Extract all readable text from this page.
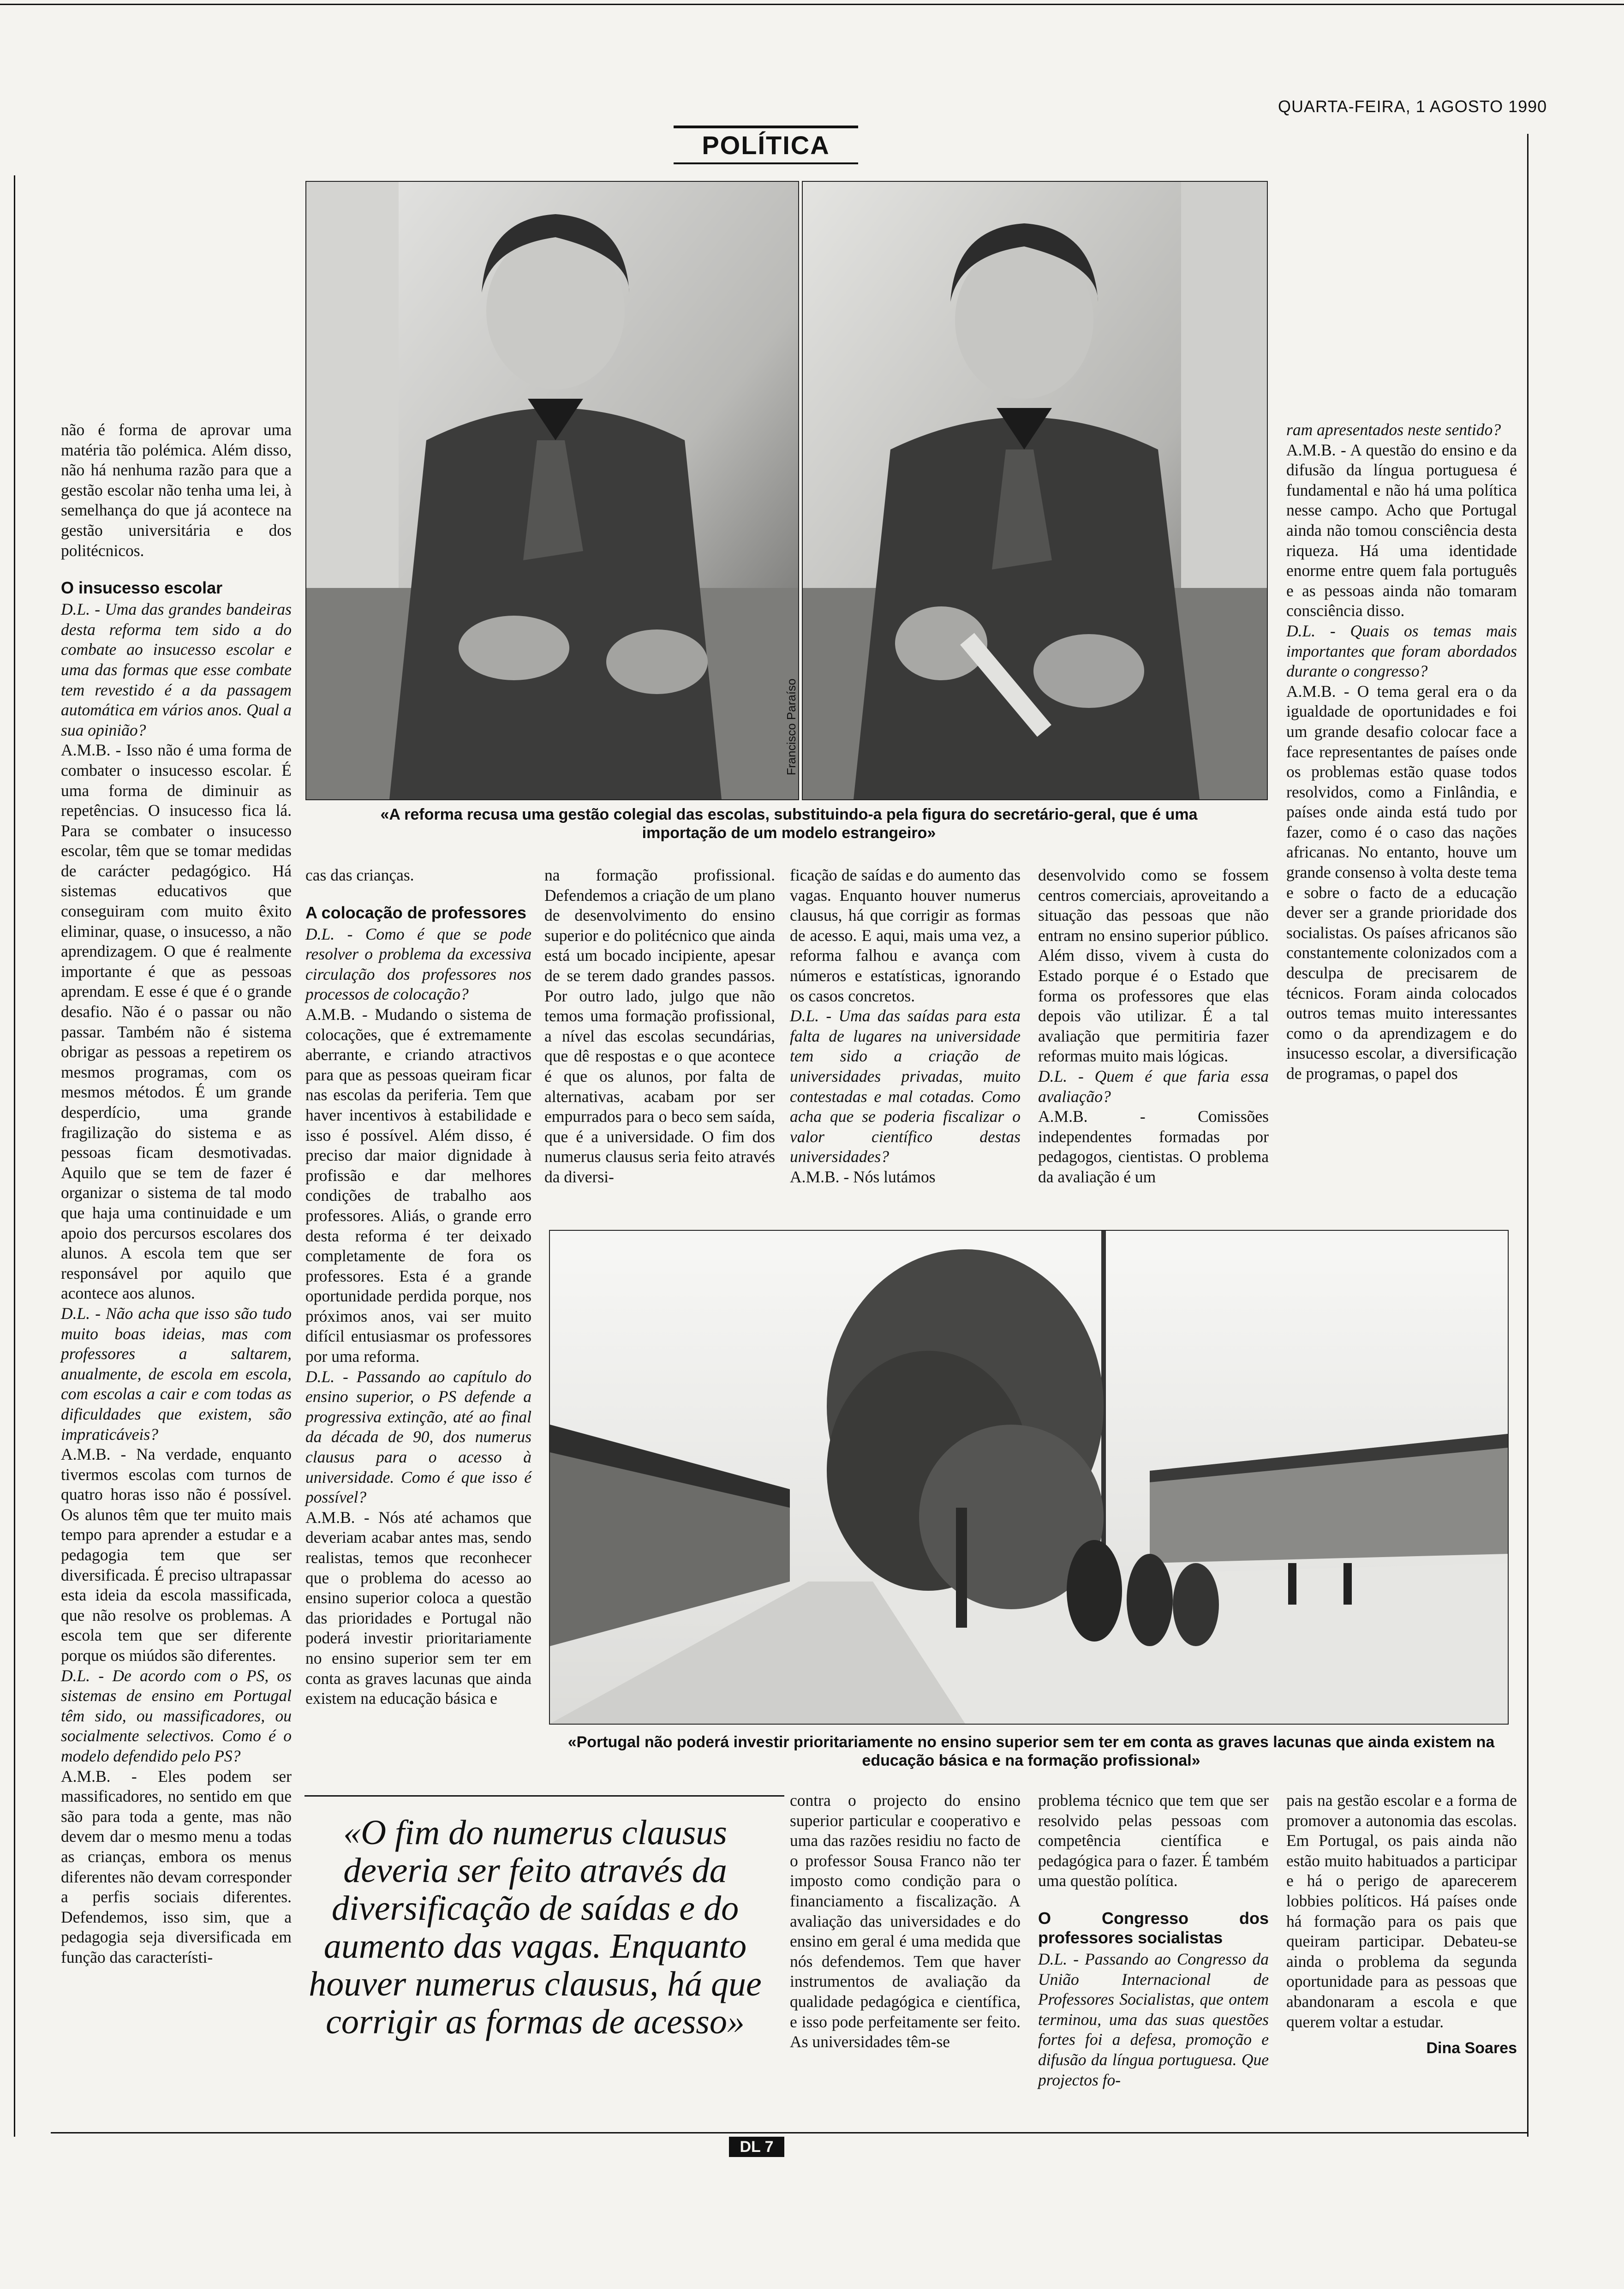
QUARTA-FEIRA, 1 AGOSTO 1990
POLÍTICA
Francisco Paraíso
«A reforma recusa uma gestão colegial das escolas, substituindo-a pela figura do secretário-geral, que é uma importação de um modelo estrangeiro»

não é forma de aprovar uma matéria tão polémica. Além disso, não há nenhuma razão para que a gestão escolar não tenha uma lei, à semelhança do que já acontece na gestão universitária e dos politécnicos.

O insucesso escolar

D.L. - Uma das grandes bandeiras desta reforma tem sido a do combate ao insucesso escolar e uma das formas que esse combate tem revestido é a da passagem automática em vários anos. Qual a sua opinião?

A.M.B. - Isso não é uma forma de combater o insucesso escolar. É uma forma de diminuir as repetências. O insucesso fica lá. Para se combater o insucesso escolar, têm que se tomar medidas de carácter pedagógico. Há sistemas educativos que conseguiram com muito êxito eliminar, quase, o insucesso, a não aprendizagem. O que é realmente importante é que as pessoas aprendam. E esse é que é o grande desafio. Não é o passar ou não passar. Também não é sistema obrigar as pessoas a repetirem os mesmos programas, com os mesmos métodos. É um grande desperdício, uma grande fragilização do sistema e as pessoas ficam desmotivadas. Aquilo que se tem de fazer é organizar o sistema de tal modo que haja uma continuidade e um apoio dos percursos escolares dos alunos. A escola tem que ser responsável por aquilo que acontece aos alunos.

D.L. - Não acha que isso são tudo muito boas ideias, mas com professores a saltarem, anualmente, de escola em escola, com escolas a cair e com todas as dificuldades que existem, são impraticáveis?

A.M.B. - Na verdade, enquanto tivermos escolas com turnos de quatro horas isso não é possível. Os alunos têm que ter muito mais tempo para aprender a estudar e a pedagogia tem que ser diversificada. É preciso ultrapassar esta ideia da escola massificada, que não resolve os problemas. A escola tem que ser diferente porque os miúdos são diferentes.

D.L. - De acordo com o PS, os sistemas de ensino em Portugal têm sido, ou massificadores, ou socialmente selectivos. Como é o modelo defendido pelo PS?

A.M.B. - Eles podem ser massificadores, no sentido em que são para toda a gente, mas não devem dar o mesmo menu a todas as crianças, embora os menus diferentes não devam corresponder a perfis sociais diferentes. Defendemos, isso sim, que a pedagogia seja diversificada em função das característi-

cas das crianças.

A colocação de professores

D.L. - Como é que se pode resolver o problema da excessiva circulação dos professores nos processos de colocação?

A.M.B. - Mudando o sistema de colocações, que é extremamente aberrante, e criando atractivos para que as pessoas queiram ficar nas escolas da periferia. Tem que haver incentivos à estabilidade e isso é possível. Além disso, é preciso dar maior dignidade à profissão e dar melhores condições de trabalho aos professores. Aliás, o grande erro desta reforma é ter deixado completamente de fora os professores. Esta é a grande oportunidade perdida porque, nos próximos anos, vai ser muito difícil entusiasmar os professores por uma reforma.

D.L. - Passando ao capítulo do ensino superior, o PS defende a progressiva extinção, até ao final da década de 90, dos numerus clausus para o acesso à universidade. Como é que isso é possível?

A.M.B. - Nós até achamos que deveriam acabar antes mas, sendo realistas, temos que reconhecer que o problema do acesso ao ensino superior coloca a questão das prioridades e Portugal não poderá investir prioritariamente no ensino superior sem ter em conta as graves lacunas que ainda existem na educação básica e

na formação profissional. Defendemos a criação de um plano de desenvolvimento do ensino superior e do politécnico que ainda está um bocado incipiente, apesar de se terem dado grandes passos. Por outro lado, julgo que não temos uma formação profissional, a nível das escolas secundárias, que dê respostas e o que acontece é que os alunos, por falta de alternativas, acabam por ser empurrados para o beco sem saída, que é a universidade. O fim dos numerus clausus seria feito através da diversi-

ficação de saídas e do aumento das vagas. Enquanto houver numerus clausus, há que corrigir as formas de acesso. E aqui, mais uma vez, a reforma falhou e avança com números e estatísticas, ignorando os casos concretos.

D.L. - Uma das saídas para esta falta de lugares na universidade tem sido a criação de universidades privadas, muito contestadas e mal cotadas. Como acha que se poderia fiscalizar o valor científico destas universidades?

A.M.B. - Nós lutámos

desenvolvido como se fossem centros comerciais, aproveitando a situação das pessoas que não entram no ensino superior público. Além disso, vivem à custa do Estado porque é o Estado que forma os professores que elas depois vão utilizar. É a tal avaliação que permitiria fazer reformas muito mais lógicas.

D.L. - Quem é que faria essa avaliação?

A.M.B. - Comissões independentes formadas por pedagogos, cientistas. O problema da avaliação é um

ram apresentados neste sentido?

A.M.B. - A questão do ensino e da difusão da língua portuguesa é fundamental e não há uma política nesse campo. Acho que Portugal ainda não tomou consciência desta riqueza. Há uma identidade enorme entre quem fala português e as pessoas ainda não tomaram consciência disso.

D.L. - Quais os temas mais importantes que foram abordados durante o congresso?

A.M.B. - O tema geral era o da igualdade de oportunidades e foi um grande desafio colocar face a face representantes de países onde os problemas estão quase todos resolvidos, como a Finlândia, e países onde ainda está tudo por fazer, como é o caso das nações africanas. No entanto, houve um grande consenso à volta deste tema e sobre o facto de a educação dever ser a grande prioridade dos socialistas. Os países africanos são constantemente colonizados com a desculpa de precisarem de técnicos. Foram ainda colocados outros temas muito interessantes como o da aprendizagem e do insucesso escolar, a diversificação de programas, o papel dos

«Portugal não poderá investir prioritariamente no ensino superior sem ter em conta as graves lacunas que ainda existem na educação básica e na formação profissional»
«O fim do numerus clausus deveria ser feito através da diversificação de saídas e do aumento das vagas. Enquanto houver numerus clausus, há que corrigir as formas de acesso»

contra o projecto do ensino superior particular e cooperativo e uma das razões residiu no facto de o professor Sousa Franco não ter imposto como condição para o financiamento a fiscalização. A avaliação das universidades e do ensino em geral é uma medida que nós defendemos. Tem que haver instrumentos de avaliação da qualidade pedagógica e científica, e isso pode perfeitamente ser feito. As universidades têm-se

problema técnico que tem que ser resolvido pelas pessoas com competência científica e pedagógica para o fazer. É também uma questão política.

O Congresso dos professores socialistas

D.L. - Passando ao Congresso da União Internacional de Professores Socialistas, que ontem terminou, uma das suas questões fortes foi a defesa, promoção e difusão da língua portuguesa. Que projectos fo-

pais na gestão escolar e a forma de promover a autonomia das escolas. Em Portugal, os pais ainda não estão muito habituados a participar e há o perigo de aparecerem lobbies políticos. Há países onde há formação para os pais que queiram participar. Debateu-se ainda o problema da segunda oportunidade para as pessoas que abandonaram a escola e que querem voltar a estudar.

Dina Soares
DL 7
